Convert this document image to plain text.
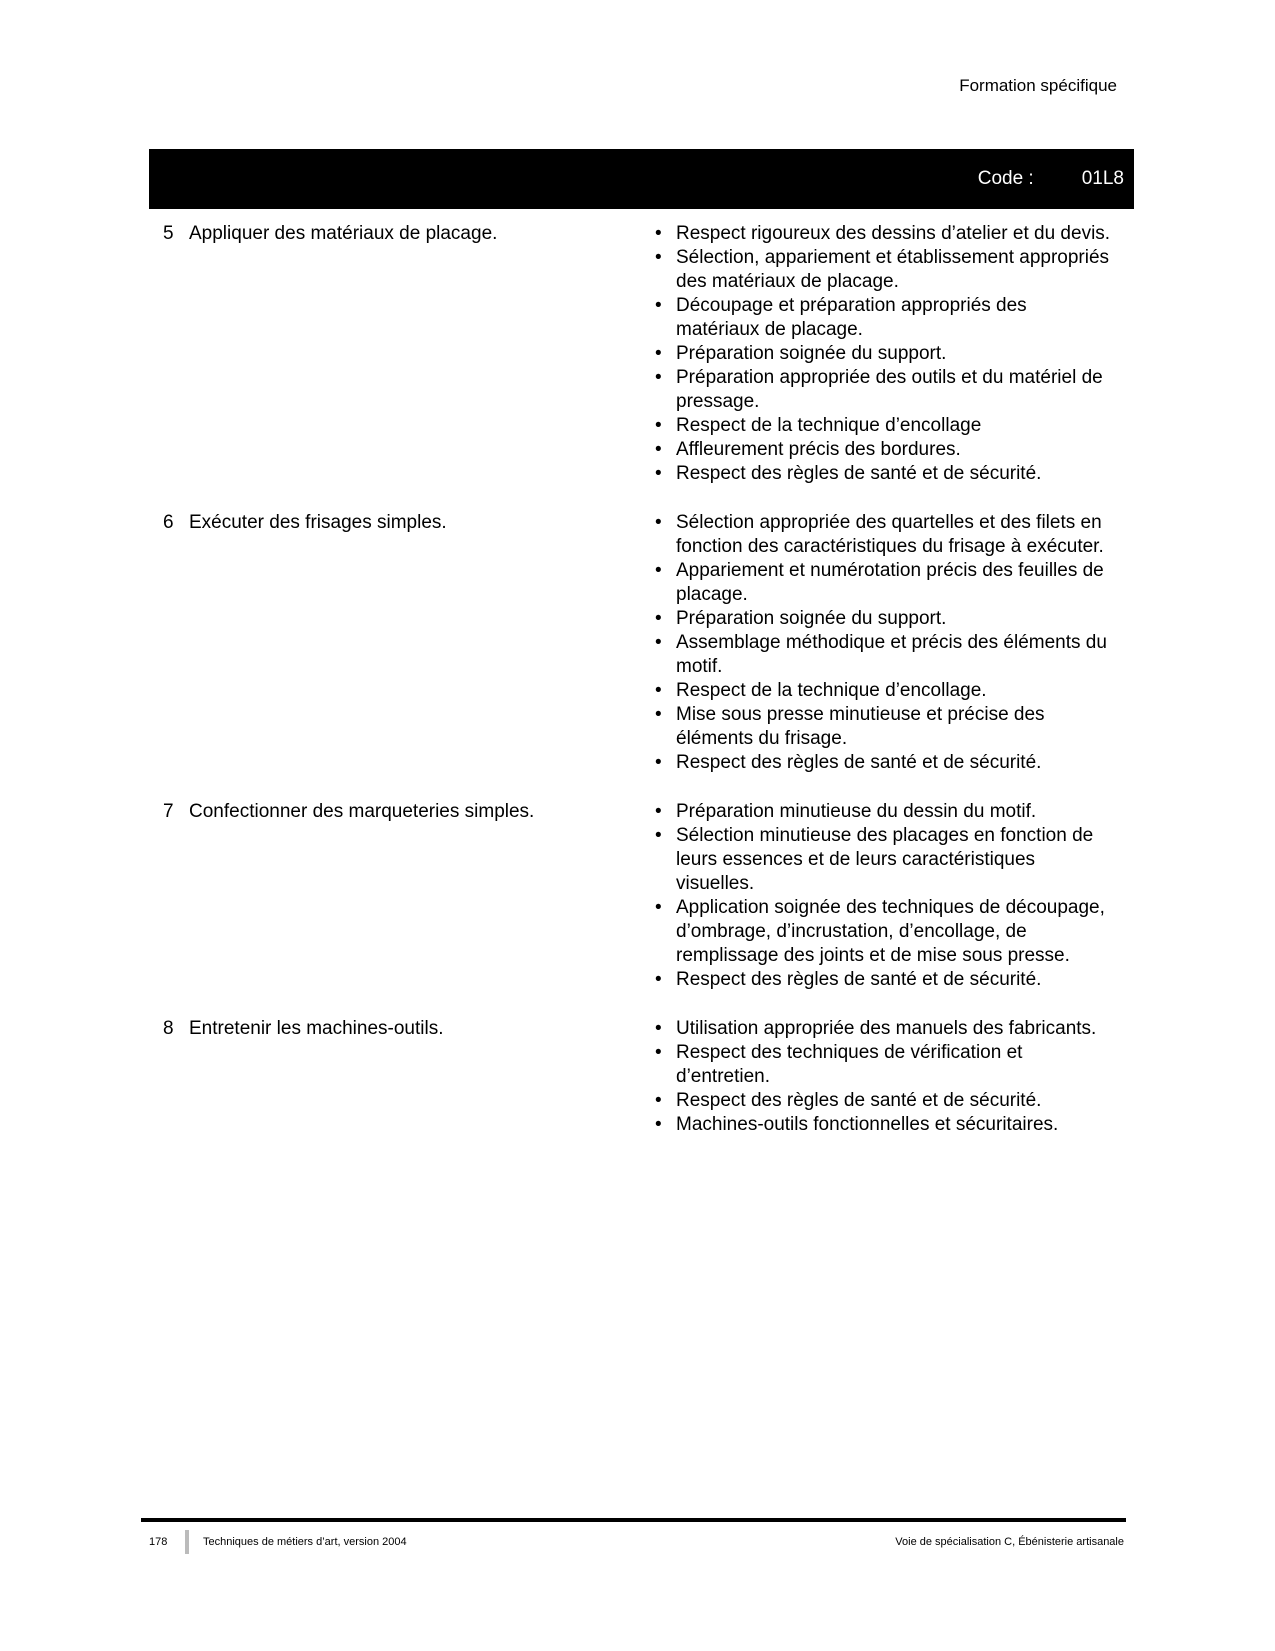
Formation spécifique
Code :	01L8
5 Appliquer des matériaux de placage.	• Respect rigoureux des dessins d’atelier et du devis.
• Sélection, appariement et établissement appropriés des matériaux de placage.
• Découpage et préparation appropriés des matériaux de placage.
• Préparation soignée du support.
• Préparation appropriée des outils et du matériel de pressage.
• Respect de la technique d’encollage
• Affleurement précis des bordures.
• Respect des règles de santé et de sécurité.
6 Exécuter des frisages simples.	• Sélection appropriée des quartelles et des filets en fonction des caractéristiques du frisage à exécuter.
• Appariement et numérotation précis des feuilles de placage.
• Préparation soignée du support.
• Assemblage méthodique et précis des éléments du motif.
• Respect de la technique d’encollage.
• Mise sous presse minutieuse et précise des éléments du frisage.
• Respect des règles de santé et de sécurité.
7 Confectionner des marqueteries simples.	• Préparation minutieuse du dessin du motif.
• Sélection minutieuse des placages en fonction de leurs essences et de leurs caractéristiques visuelles.
• Application soignée des techniques de découpage, d’ombrage, d’incrustation, d’encollage, de remplissage des joints et de mise sous presse.
• Respect des règles de santé et de sécurité.
8 Entretenir les machines-outils.	• Utilisation appropriée des manuels des fabricants.
• Respect des techniques de vérification et d’entretien.
• Respect des règles de santé et de sécurité.
• Machines-outils fonctionnelles et sécuritaires.
178	Techniques de métiers d’art, version 2004	Voie de spécialisation C, Ébénisterie artisanale
